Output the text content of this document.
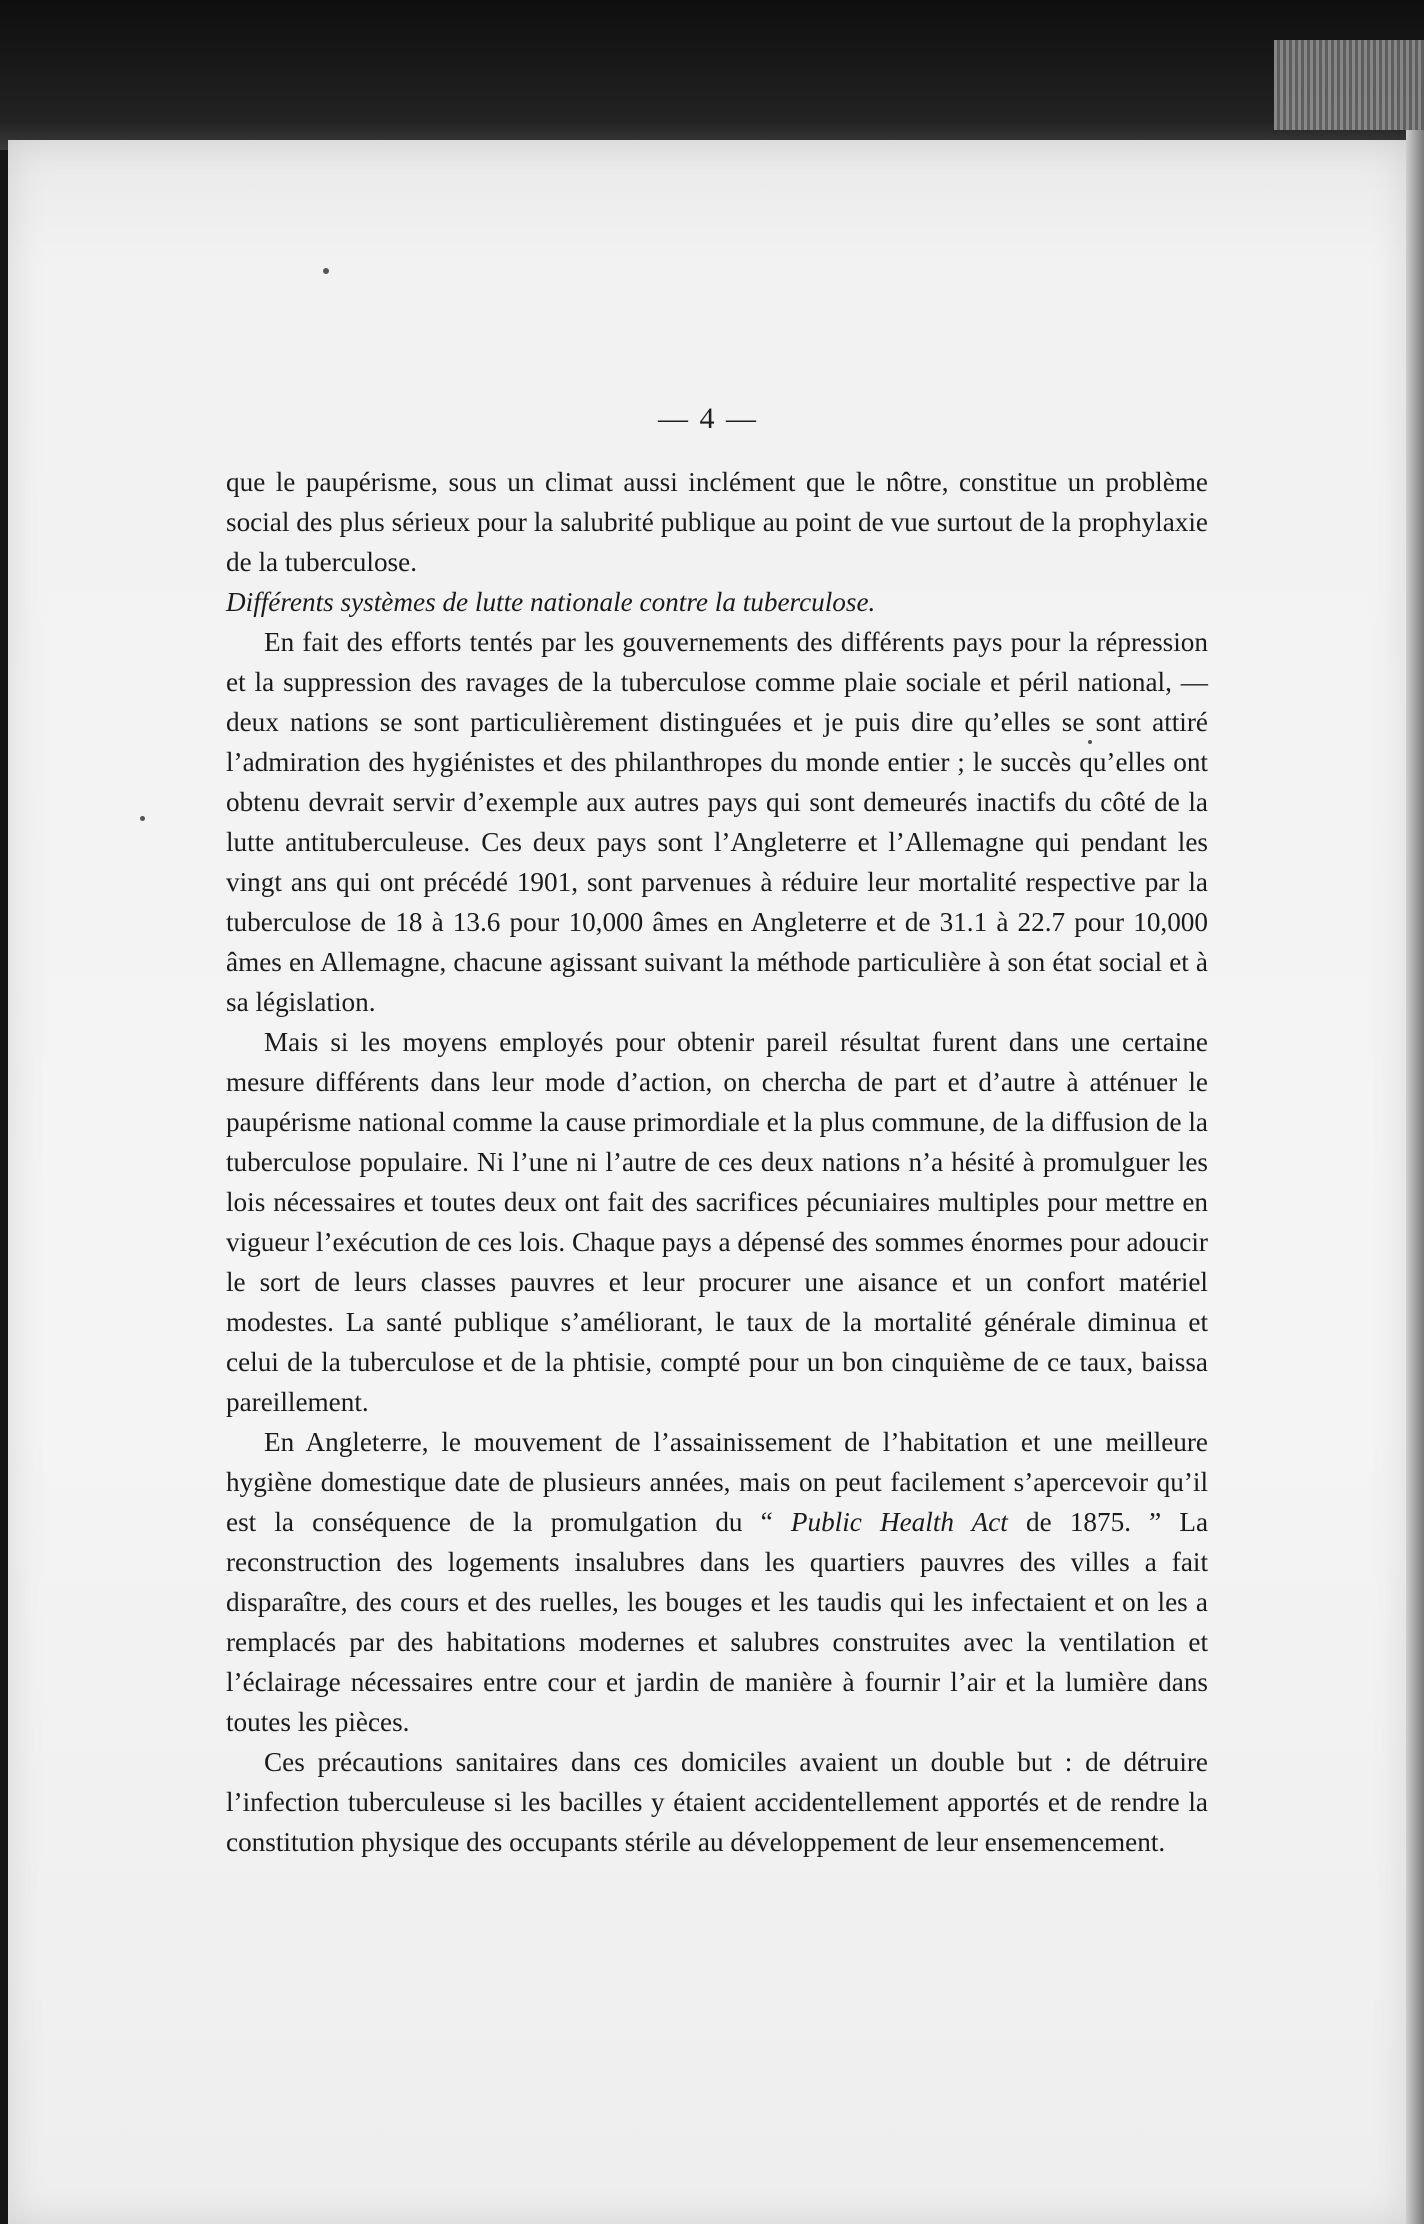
— 4 —

que le paupérisme, sous un climat aussi inclément que le nôtre, constitue un problème social des plus sérieux pour la salubrité publique au point de vue surtout de la prophylaxie de la tuberculose.

Différents systèmes de lutte nationale contre la tuberculose.

En fait des efforts tentés par les gouvernements des différents pays pour la répression et la suppression des ravages de la tuberculose comme plaie sociale et péril national, — deux nations se sont particulièrement distinguées et je puis dire qu’elles se sont attiré l’admiration des hygiénistes et des philanthropes du monde entier ; le succès qu’elles ont obtenu devrait servir d’exemple aux autres pays qui sont demeurés inactifs du côté de la lutte antituberculeuse. Ces deux pays sont l’Angleterre et l’Allemagne qui pendant les vingt ans qui ont précédé 1901, sont parvenues à réduire leur mortalité respective par la tuberculose de 18 à 13.6 pour 10,000 âmes en Angleterre et de 31.1 à 22.7 pour 10,000 âmes en Allemagne, chacune agissant suivant la méthode particulière à son état social et à sa législation.

Mais si les moyens employés pour obtenir pareil résultat furent dans une certaine mesure différents dans leur mode d’action, on chercha de part et d’autre à atténuer le paupérisme national comme la cause primordiale et la plus commune, de la diffusion de la tuberculose populaire. Ni l’une ni l’autre de ces deux nations n’a hésité à promulguer les lois nécessaires et toutes deux ont fait des sacrifices pécuniaires multiples pour mettre en vigueur l’exécution de ces lois. Chaque pays a dépensé des sommes énormes pour adoucir le sort de leurs classes pauvres et leur procurer une aisance et un confort matériel modestes. La santé publique s’améliorant, le taux de la mortalité générale diminua et celui de la tuberculose et de la phtisie, compté pour un bon cinquième de ce taux, baissa pareillement.

En Angleterre, le mouvement de l’assainissement de l’habitation et une meilleure hygiène domestique date de plusieurs années, mais on peut facilement s’apercevoir qu’il est la conséquence de la promulgation du “ Public Health Act de 1875. ” La reconstruction des logements insalubres dans les quartiers pauvres des villes a fait disparaître, des cours et des ruelles, les bouges et les taudis qui les infectaient et on les a remplacés par des habitations modernes et salubres construites avec la ventilation et l’éclairage nécessaires entre cour et jardin de manière à fournir l’air et la lumière dans toutes les pièces.

Ces précautions sanitaires dans ces domiciles avaient un double but : de détruire l’infection tuberculeuse si les bacilles y étaient accidentellement apportés et de rendre la constitution physique des occupants stérile au développement de leur ensemencement.
